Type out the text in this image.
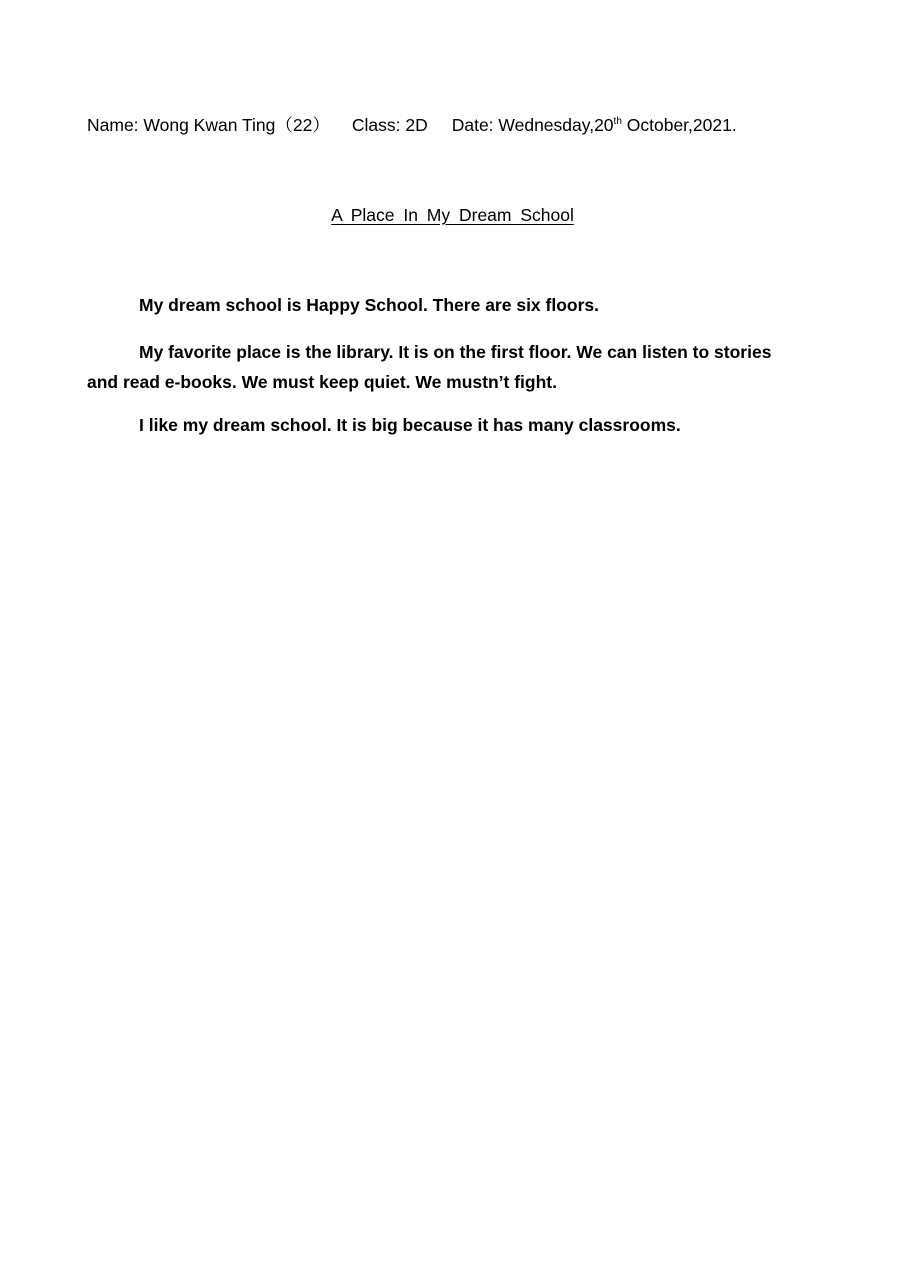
Name: Wong Kwan Ting（22） Class: 2D Date: Wednesday,20th October,2021.
A Place In My Dream School

My dream school is Happy School. There are six floors.

My favorite place is the library. It is on the first floor. We can listen to stories and read e-books. We must keep quiet. We mustn’t fight.

I like my dream school. It is big because it has many classrooms.
